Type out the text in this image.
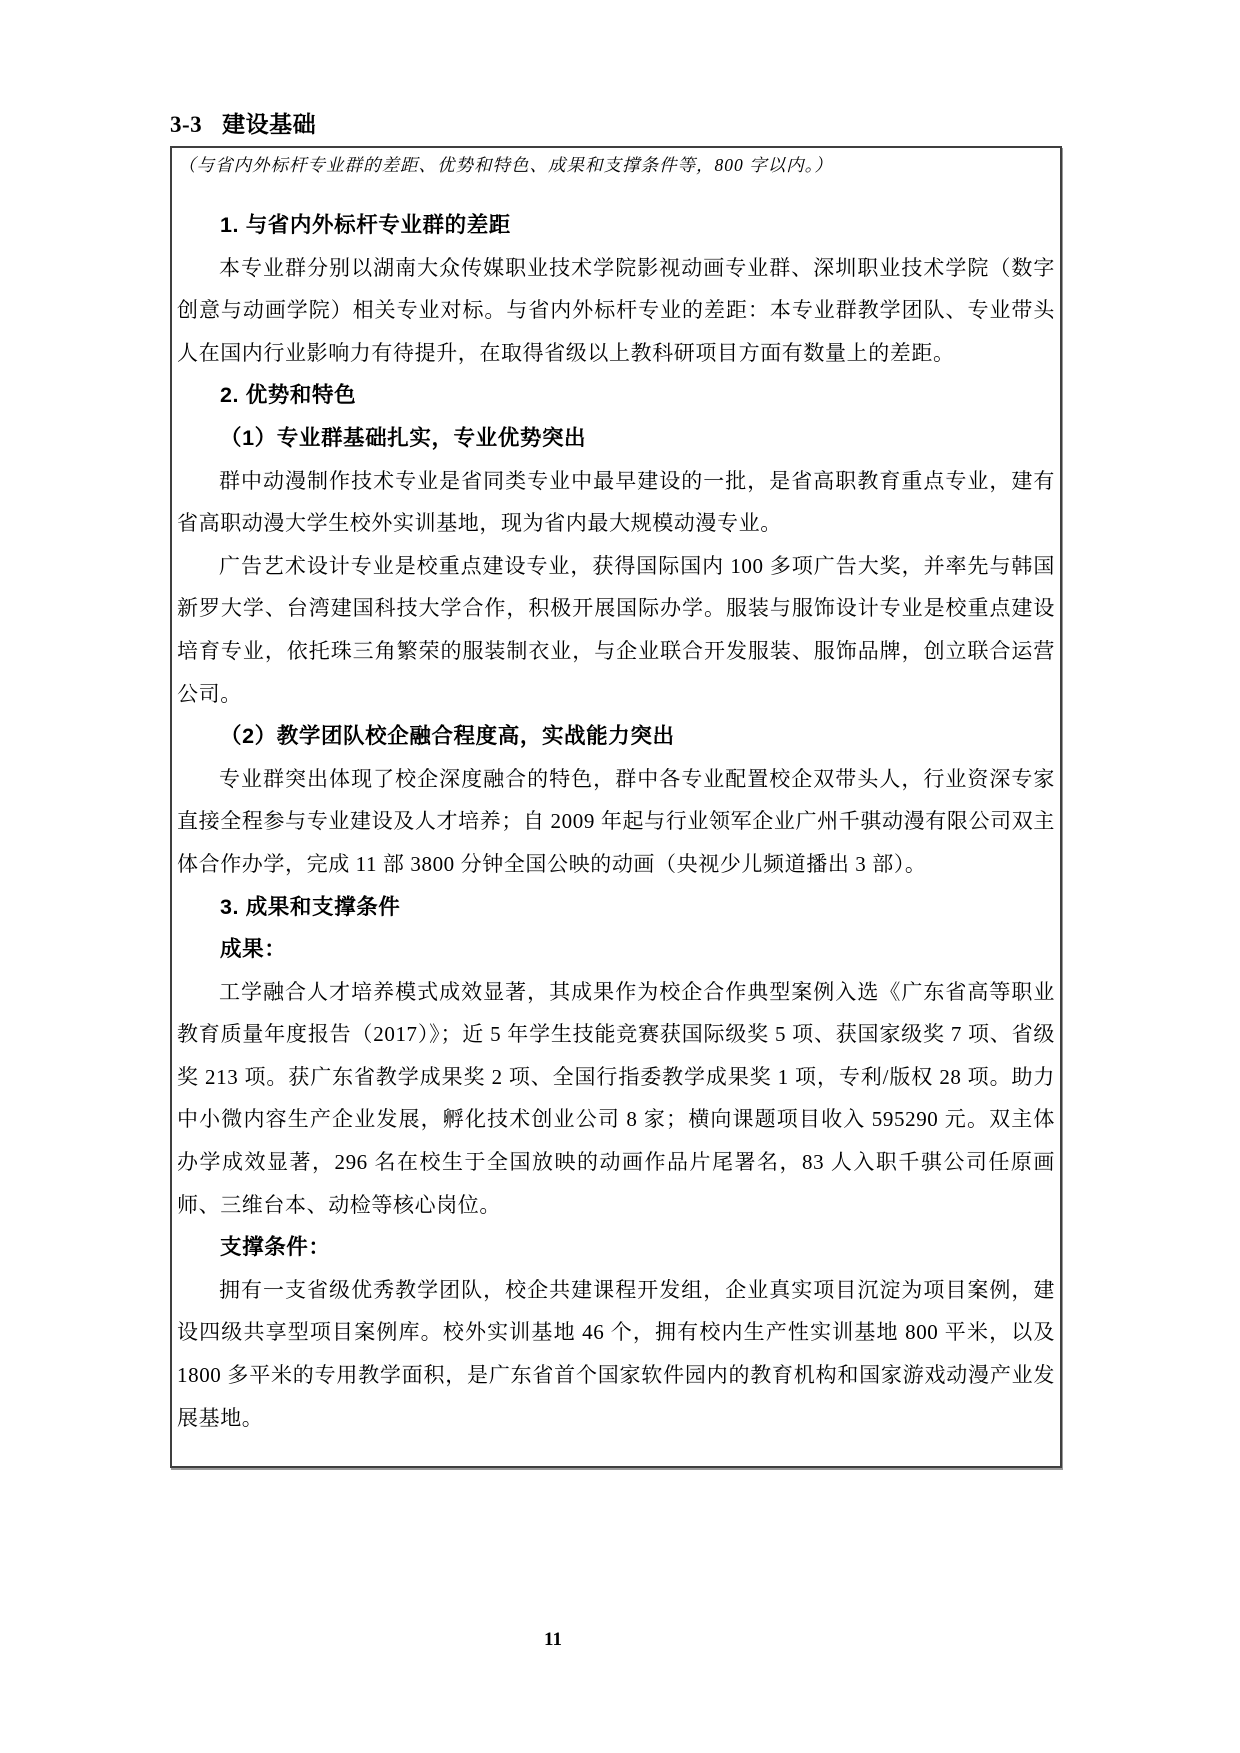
3-3 建设基础
（与省内外标杆专业群的差距、优势和特色、成果和支撑条件等，800 字以内。）
1. 与省内外标杆专业群的差距

本专业群分别以湖南大众传媒职业技术学院影视动画专业群、深圳职业技术学院（数字创意与动画学院）相关专业对标。与省内外标杆专业的差距：本专业群教学团队、专业带头人在国内行业影响力有待提升，在取得省级以上教科研项目方面有数量上的差距。

2. 优势和特色
（1）专业群基础扎实，专业优势突出

群中动漫制作技术专业是省同类专业中最早建设的一批，是省高职教育重点专业，建有省高职动漫大学生校外实训基地，现为省内最大规模动漫专业。

广告艺术设计专业是校重点建设专业，获得国际国内 100 多项广告大奖，并率先与韩国新罗大学、台湾建国科技大学合作，积极开展国际办学。服装与服饰设计专业是校重点建设培育专业，依托珠三角繁荣的服装制衣业，与企业联合开发服装、服饰品牌，创立联合运营公司。

（2）教学团队校企融合程度高，实战能力突出

专业群突出体现了校企深度融合的特色，群中各专业配置校企双带头人，行业资深专家直接全程参与专业建设及人才培养；自 2009 年起与行业领军企业广州千骐动漫有限公司双主体合作办学，完成 11 部 3800 分钟全国公映的动画（央视少儿频道播出 3 部）。

3. 成果和支撑条件
成果：

工学融合人才培养模式成效显著，其成果作为校企合作典型案例入选《广东省高等职业教育质量年度报告（2017）》；近 5 年学生技能竞赛获国际级奖 5 项、获国家级奖 7 项、省级奖 213 项。获广东省教学成果奖 2 项、全国行指委教学成果奖 1 项，专利/版权 28 项。助力中小微内容生产企业发展，孵化技术创业公司 8 家；横向课题项目收入 595290 元。双主体办学成效显著，296 名在校生于全国放映的动画作品片尾署名，83 人入职千骐公司任原画师、三维台本、动检等核心岗位。

支撑条件：

拥有一支省级优秀教学团队，校企共建课程开发组，企业真实项目沉淀为项目案例，建设四级共享型项目案例库。校外实训基地 46 个，拥有校内生产性实训基地 800 平米，以及 1800 多平米的专用教学面积，是广东省首个国家软件园内的教育机构和国家游戏动漫产业发展基地。

11
